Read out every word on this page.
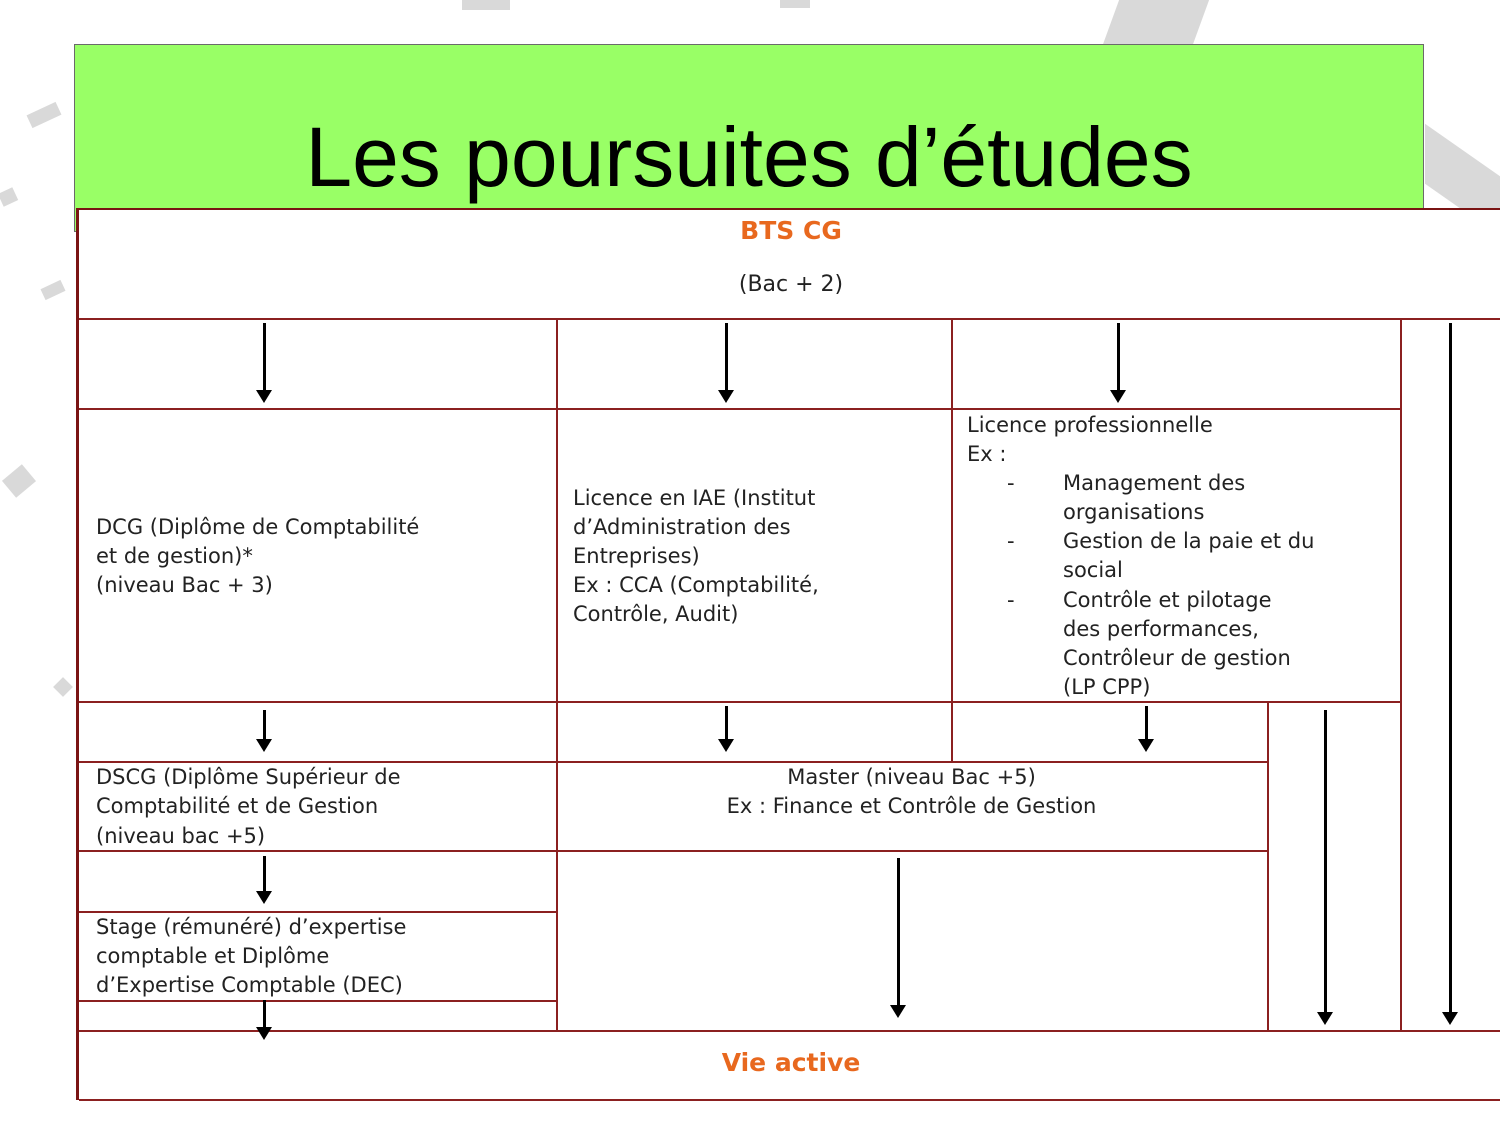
Les poursuites d’études
BTS CG
(Bac + 2)
DCG (Diplôme de Comptabilité
et de gestion)*
(niveau Bac + 3)
Licence en IAE (Institut
d’Administration des
Entreprises)
Ex : CCA (Comptabilité,
Contrôle, Audit)
Licence professionnelle
Ex :
- Management des
organisations
- Gestion de la paie et du
social
- Contrôle et pilotage
des performances,
Contrôleur de gestion
(LP CPP)
DSCG (Diplôme Supérieur de
Comptabilité et de Gestion
(niveau bac +5)
Master (niveau Bac +5)
Ex : Finance et Contrôle de Gestion
Stage (rémunéré) d’expertise
comptable et Diplôme
d’Expertise Comptable (DEC)
Vie active
